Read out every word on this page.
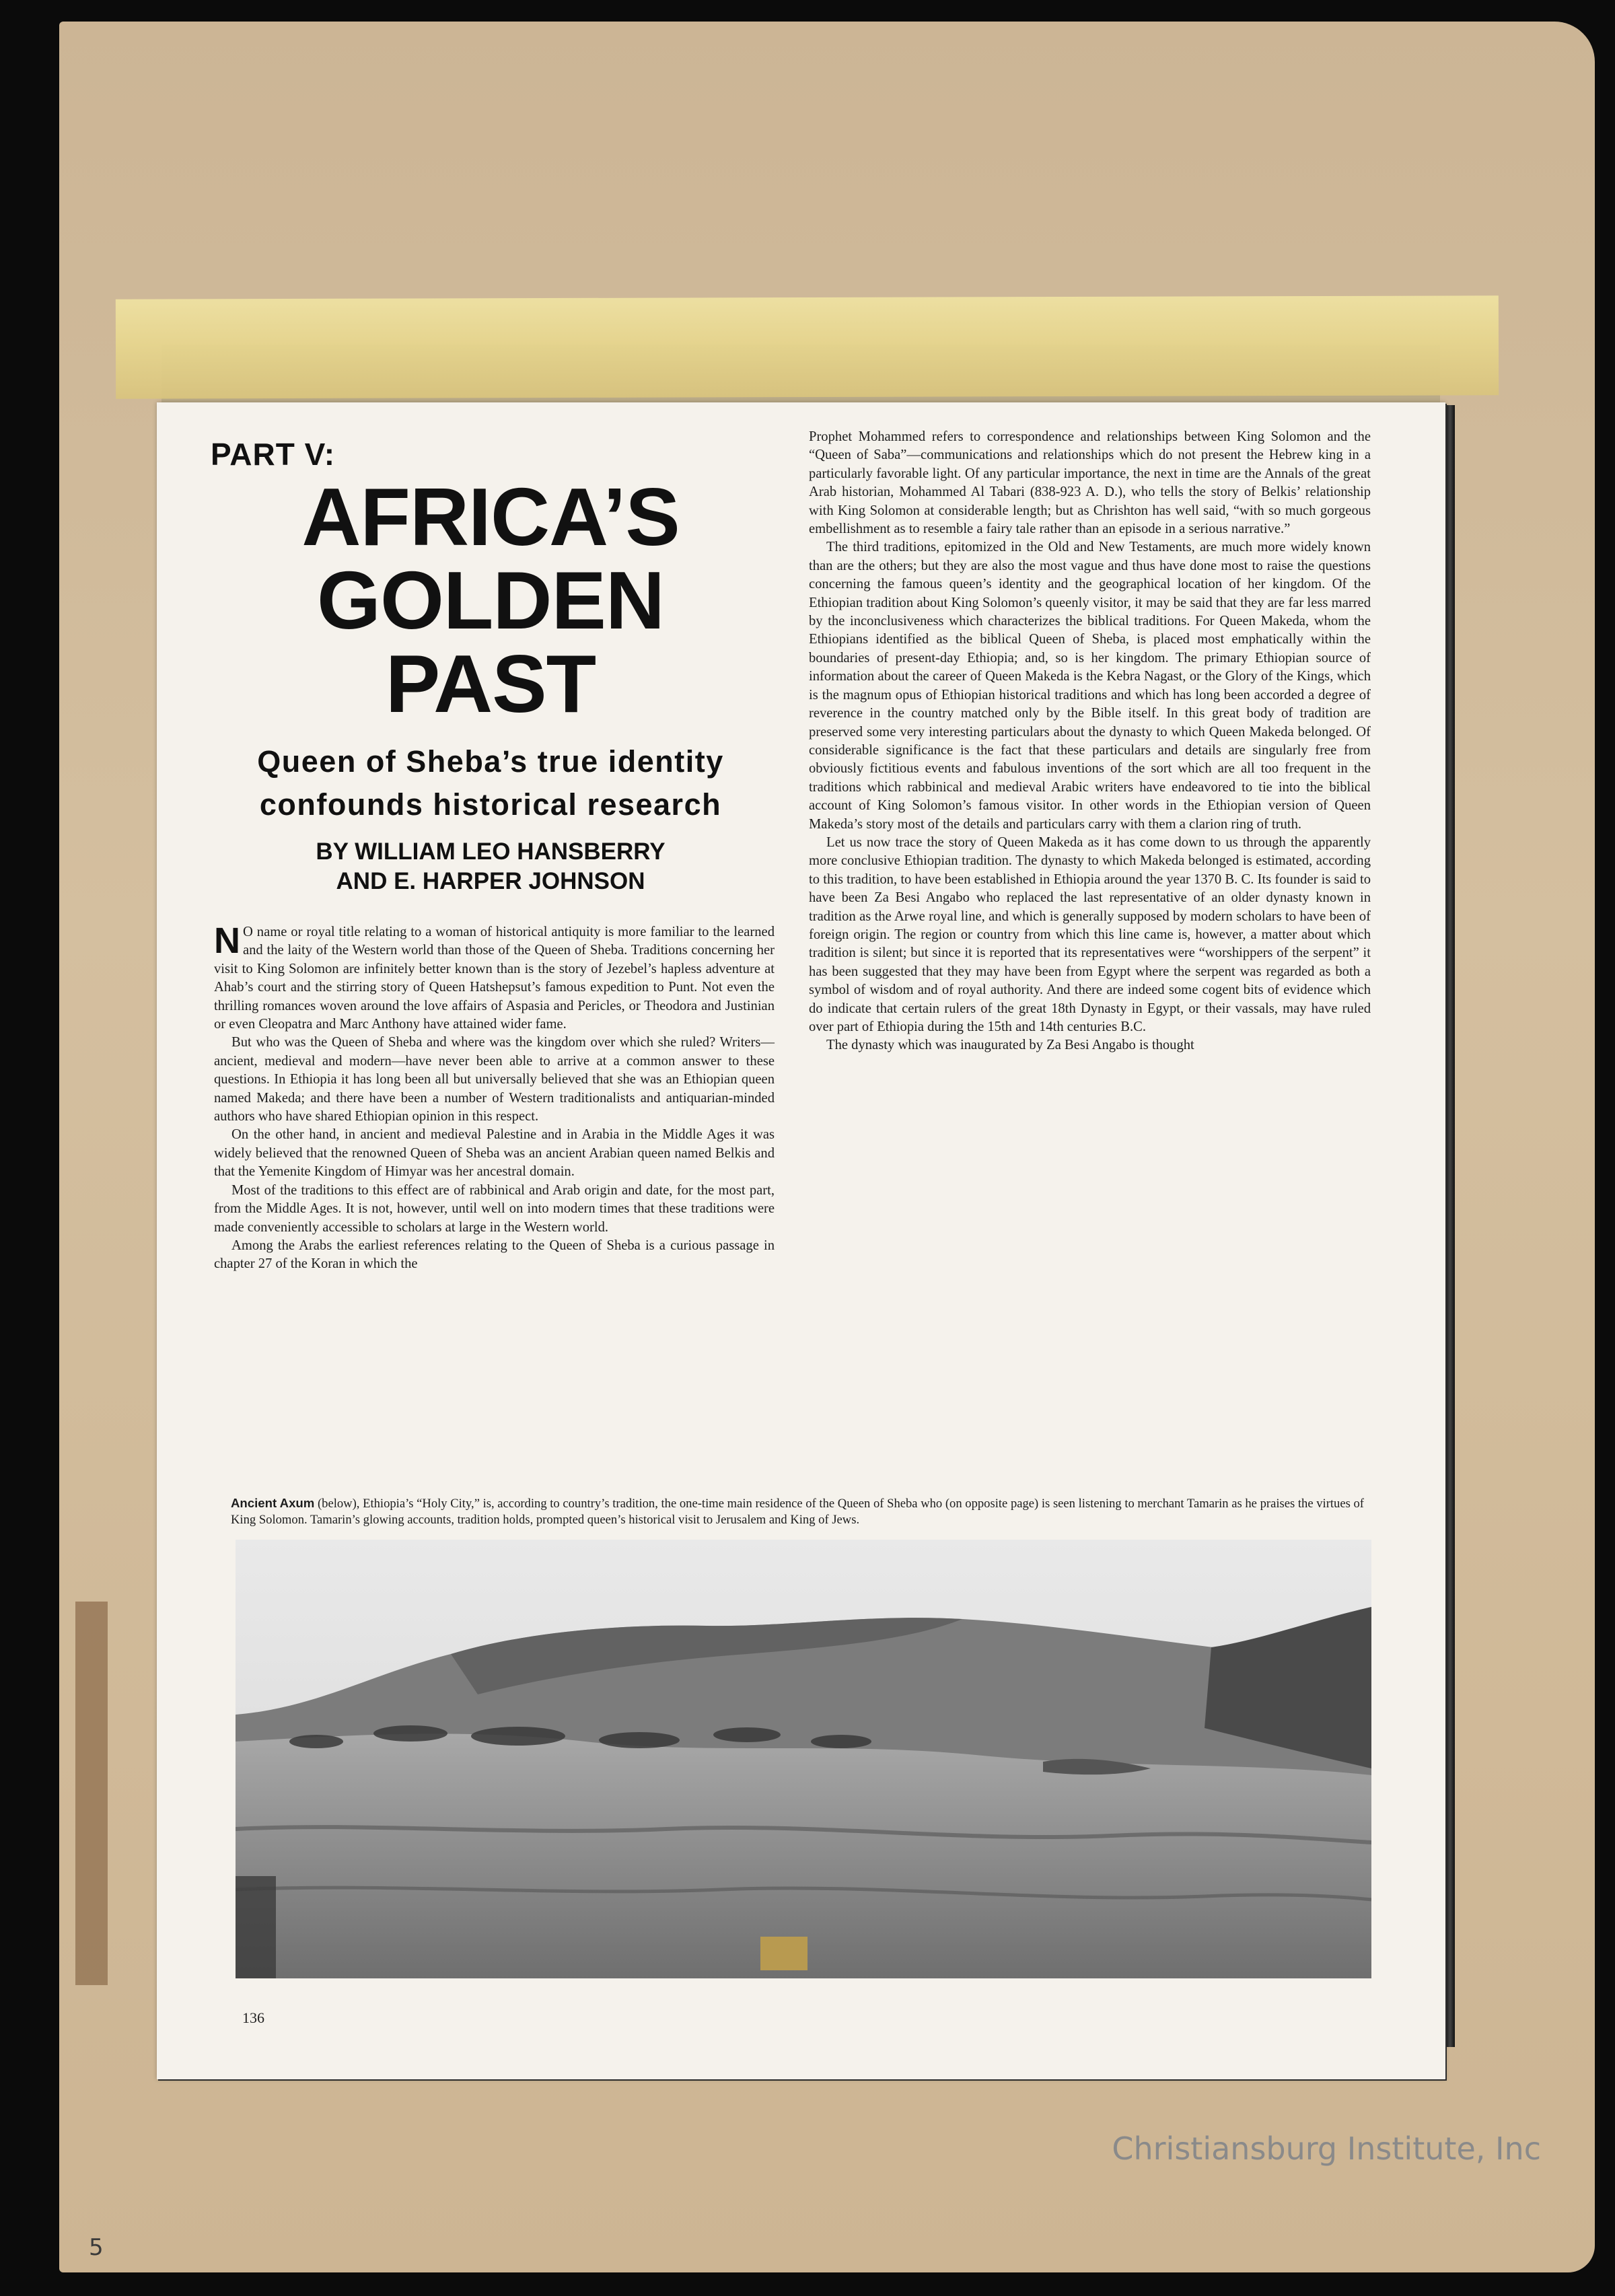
PART V:
AFRICA’S
GOLDEN
PAST
Queen of Sheba’s true identity confounds historical research
BY WILLIAM LEO HANSBERRY
AND E. HARPER JOHNSON

N O name or royal title relating to a woman of historical antiquity is more familiar to the learned and the laity of the Western world than those of the Queen of Sheba. Traditions concerning her visit to King Solomon are infinitely better known than is the story of Jezebel’s hapless adventure at Ahab’s court and the stirring story of Queen Hatshepsut’s famous expedition to Punt. Not even the thrilling romances woven around the love affairs of Aspasia and Pericles, or Theodora and Justinian or even Cleopatra and Marc Anthony have attained wider fame.

But who was the Queen of Sheba and where was the kingdom over which she ruled? Writers—ancient, medieval and modern—have never been able to arrive at a common answer to these questions. In Ethiopia it has long been all but universally believed that she was an Ethiopian queen named Makeda; and there have been a number of Western traditionalists and antiquarian-minded authors who have shared Ethiopian opinion in this respect.

On the other hand, in ancient and medieval Palestine and in Arabia in the Middle Ages it was widely believed that the renowned Queen of Sheba was an ancient Arabian queen named Belkis and that the Yemenite Kingdom of Himyar was her ancestral domain.

Most of the traditions to this effect are of rabbinical and Arab origin and date, for the most part, from the Middle Ages. It is not, however, until well on into modern times that these traditions were made conveniently accessible to scholars at large in the Western world.

Among the Arabs the earliest references relating to the Queen of Sheba is a curious passage in chapter 27 of the Koran in which the

Prophet Mohammed refers to correspondence and relationships between King Solomon and the “Queen of Saba”—communications and relationships which do not present the Hebrew king in a particularly favorable light. Of any particular importance, the next in time are the Annals of the great Arab historian, Mohammed Al Tabari (838-923 A. D.), who tells the story of Belkis’ relationship with King Solomon at considerable length; but as Chrishton has well said, “with so much gorgeous embellishment as to resemble a fairy tale rather than an episode in a serious narrative.”

The third traditions, epitomized in the Old and New Testaments, are much more widely known than are the others; but they are also the most vague and thus have done most to raise the questions concerning the famous queen’s identity and the geographical location of her kingdom. Of the Ethiopian tradition about King Solomon’s queenly visitor, it may be said that they are far less marred by the inconclusiveness which characterizes the biblical traditions. For Queen Makeda, whom the Ethiopians identified as the biblical Queen of Sheba, is placed most emphatically within the boundaries of present-day Ethiopia; and, so is her kingdom. The primary Ethiopian source of information about the career of Queen Makeda is the Kebra Nagast, or the Glory of the Kings, which is the magnum opus of Ethiopian historical traditions and which has long been accorded a degree of reverence in the country matched only by the Bible itself. In this great body of tradition are preserved some very interesting particulars about the dynasty to which Queen Makeda belonged. Of considerable significance is the fact that these particulars and details are singularly free from obviously fictitious events and fabulous inventions of the sort which are all too frequent in the traditions which rabbinical and medieval Arabic writers have endeavored to tie into the biblical account of King Solomon’s famous visitor. In other words in the Ethiopian version of Queen Makeda’s story most of the details and particulars carry with them a clarion ring of truth.

Let us now trace the story of Queen Makeda as it has come down to us through the apparently more conclusive Ethiopian tradition. The dynasty to which Makeda belonged is estimated, according to this tradition, to have been established in Ethiopia around the year 1370 B. C. Its founder is said to have been Za Besi Angabo who replaced the last representative of an older dynasty known in tradition as the Arwe royal line, and which is generally supposed by modern scholars to have been of foreign origin. The region or country from which this line came is, however, a matter about which tradition is silent; but since it is reported that its representatives were “worshippers of the serpent” it has been suggested that they may have been from Egypt where the serpent was regarded as both a symbol of wisdom and of royal authority. And there are indeed some cogent bits of evidence which do indicate that certain rulers of the great 18th Dynasty in Egypt, or their vassals, may have ruled over part of Ethiopia during the 15th and 14th centuries B.C.

The dynasty which was inaugurated by Za Besi Angabo is thought

Ancient Axum (below), Ethiopia’s “Holy City,” is, according to country’s tradition, the one-time main residence of the Queen of Sheba who (on opposite page) is seen listening to merchant Tamarin as he praises the virtues of King Solomon. Tamarin’s glowing accounts, tradition holds, prompted queen’s historical visit to Jerusalem and King of Jews.
136
Christiansburg Institute, Inc
5
